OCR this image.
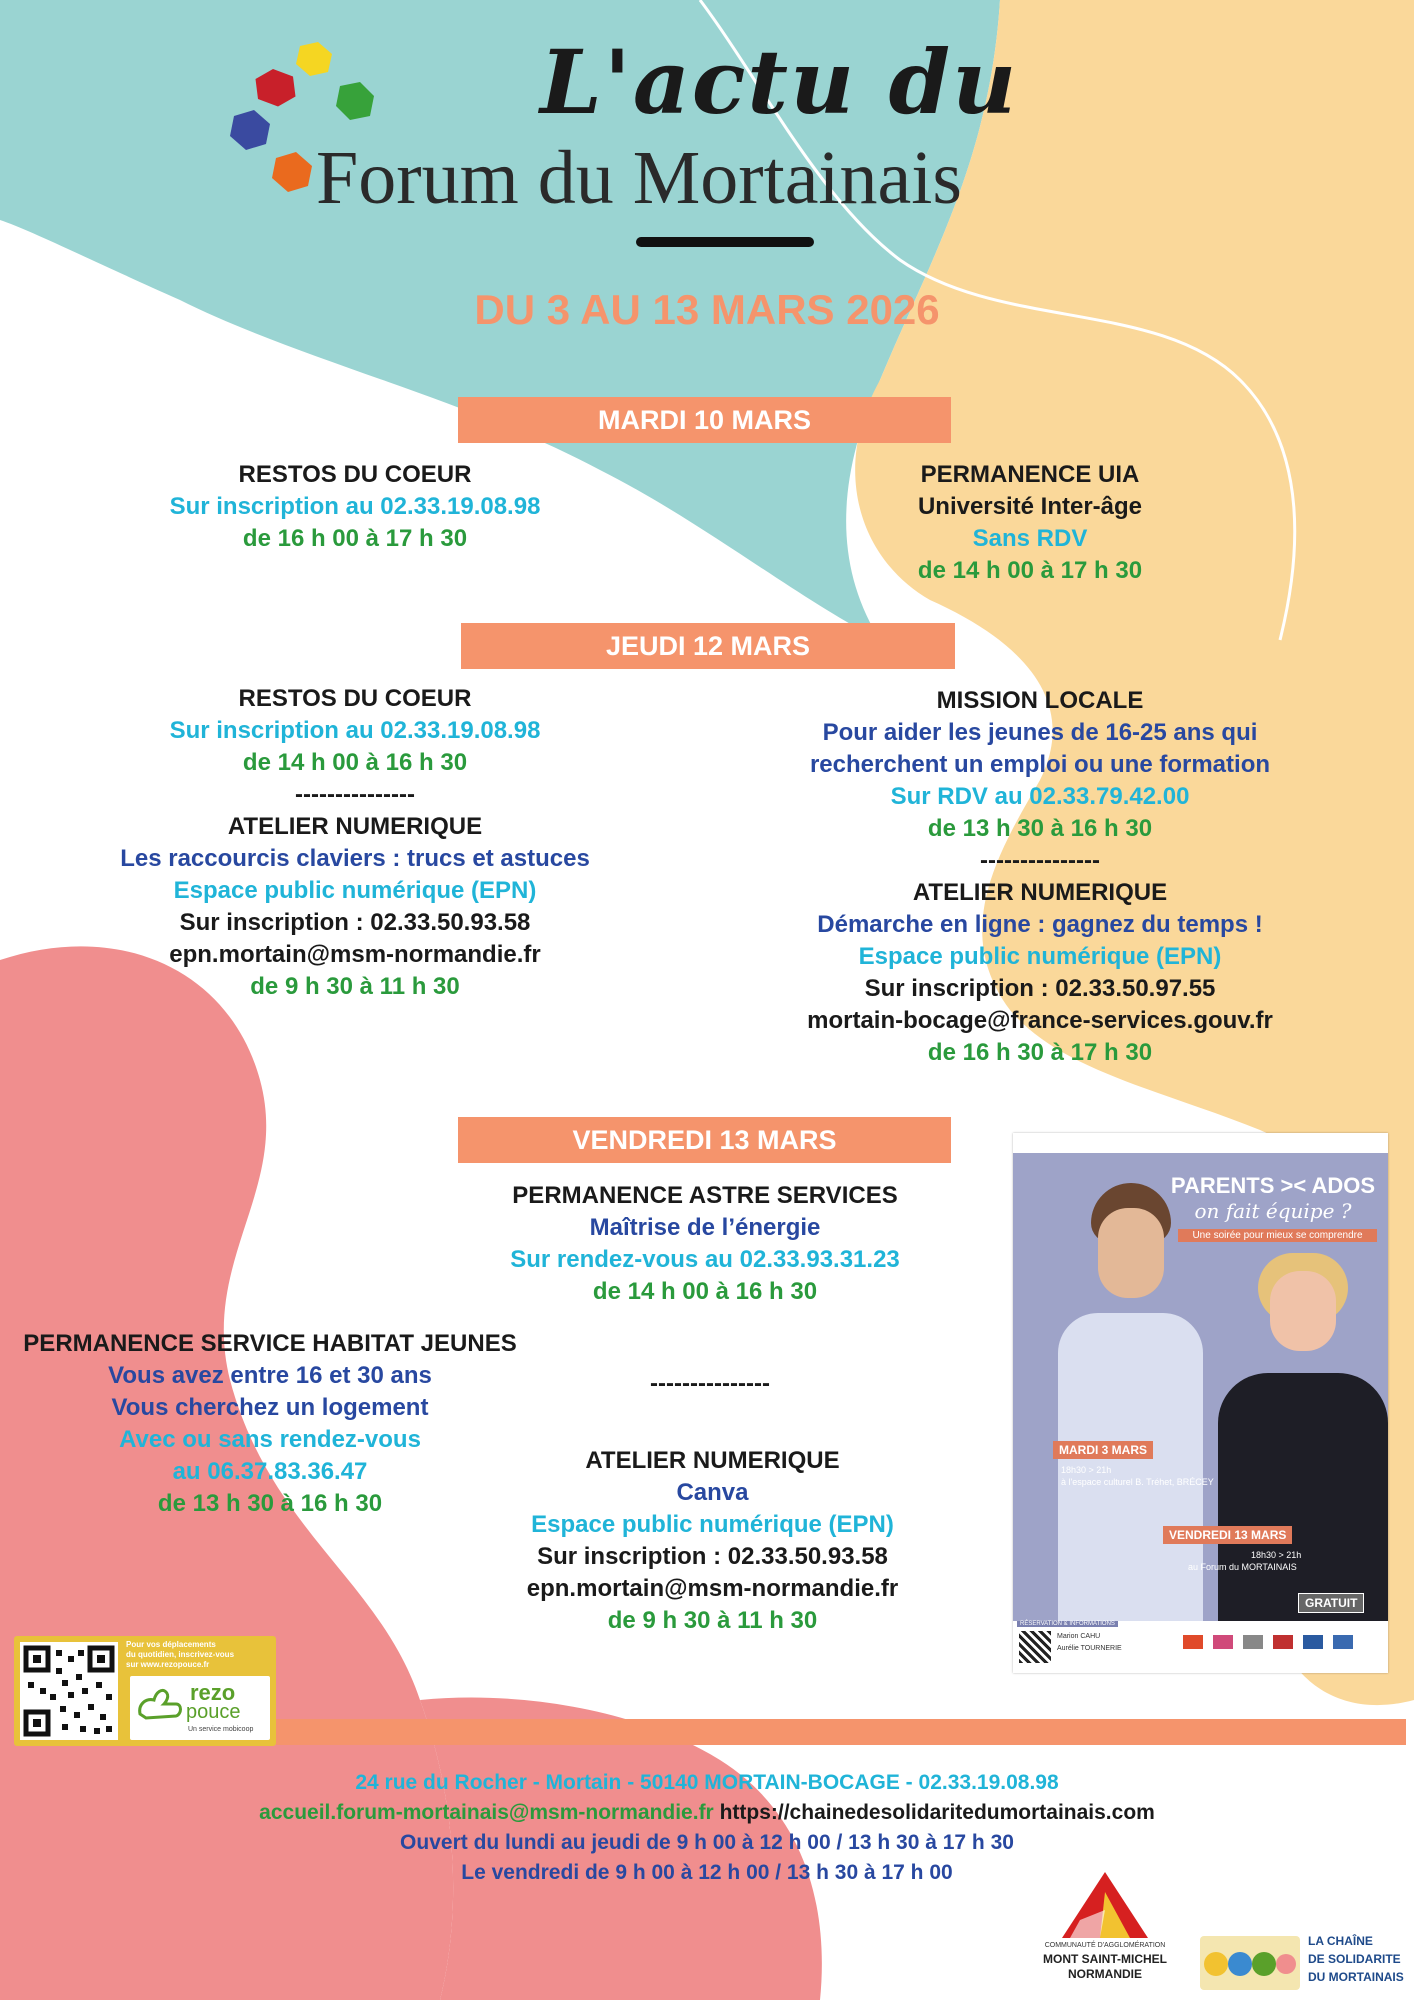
L'actu du
Forum du Mortainais
DU 3 AU 13 MARS 2026
MARDI 10 MARS
RESTOS DU COEUR
Sur inscription au 02.33.19.08.98
de 16 h 00 à 17 h 30
PERMANENCE UIA
Université Inter-âge
Sans RDV
de 14 h 00 à 17 h 30
JEUDI 12 MARS
RESTOS DU COEUR
Sur inscription au 02.33.19.08.98
de 14 h 00 à 16 h 30
---------------
ATELIER NUMERIQUE
Les raccourcis claviers : trucs et astuces
Espace public numérique (EPN)
Sur inscription : 02.33.50.93.58
epn.mortain@msm-normandie.fr
de 9 h 30 à 11 h 30
MISSION LOCALE
Pour aider les jeunes de 16-25 ans qui
recherchent un emploi ou une formation
Sur RDV au 02.33.79.42.00
de 13 h 30 à 16 h 30
---------------
ATELIER NUMERIQUE
Démarche en ligne : gagnez du temps !
Espace public numérique (EPN)
Sur inscription : 02.33.50.97.55
mortain-bocage@france-services.gouv.fr
de 16 h 30 à 17 h 30
VENDREDI 13 MARS
PERMANENCE ASTRE SERVICES
Maîtrise de l’énergie
Sur rendez-vous au 02.33.93.31.23
de 14 h 00 à 16 h 30
---------------
ATELIER NUMERIQUE
Canva
Espace public numérique (EPN)
Sur inscription : 02.33.50.93.58
epn.mortain@msm-normandie.fr
de 9 h 30 à 11 h 30
PERMANENCE SERVICE HABITAT JEUNES
Vous avez entre 16 et 30 ans
Vous cherchez un logement
Avec ou sans rendez-vous
au 06.37.83.36.47
de 13 h 30 à 16 h 30
PARENTS >< ADOS
on fait équipe ?
Une soirée pour mieux se comprendre
MARDI 3 MARS
18h30 > 21h
à l'espace culturel B. Tréhet, BRÉCEY
VENDREDI 13 MARS
18h30 > 21h
au Forum du MORTAINAIS
GRATUIT
RÉSERVATION & INFORMATIONS
Marion CAHU
Aurélie TOURNERIE
Pour vos déplacements
du quotidien, inscrivez-vous
sur www.rezopouce.fr
rezo
pouce
Un service mobicoop
24 rue du Rocher - Mortain - 50140 MORTAIN-BOCAGE - 02.33.19.08.98
accueil.forum-mortainais@msm-normandie.fr https://chainedesolidaritedumortainais.com
Ouvert du lundi au jeudi de 9 h 00 à 12 h 00 / 13 h 30 à 17 h 30
Le vendredi de 9 h 00 à 12 h 00 / 13 h 30 à 17 h 00
COMMUNAUTÉ D'AGGLOMÉRATION
MONT SAINT-MICHEL
NORMANDIE
LA CHAÎNE
DE SOLIDARITE
DU MORTAINAIS
